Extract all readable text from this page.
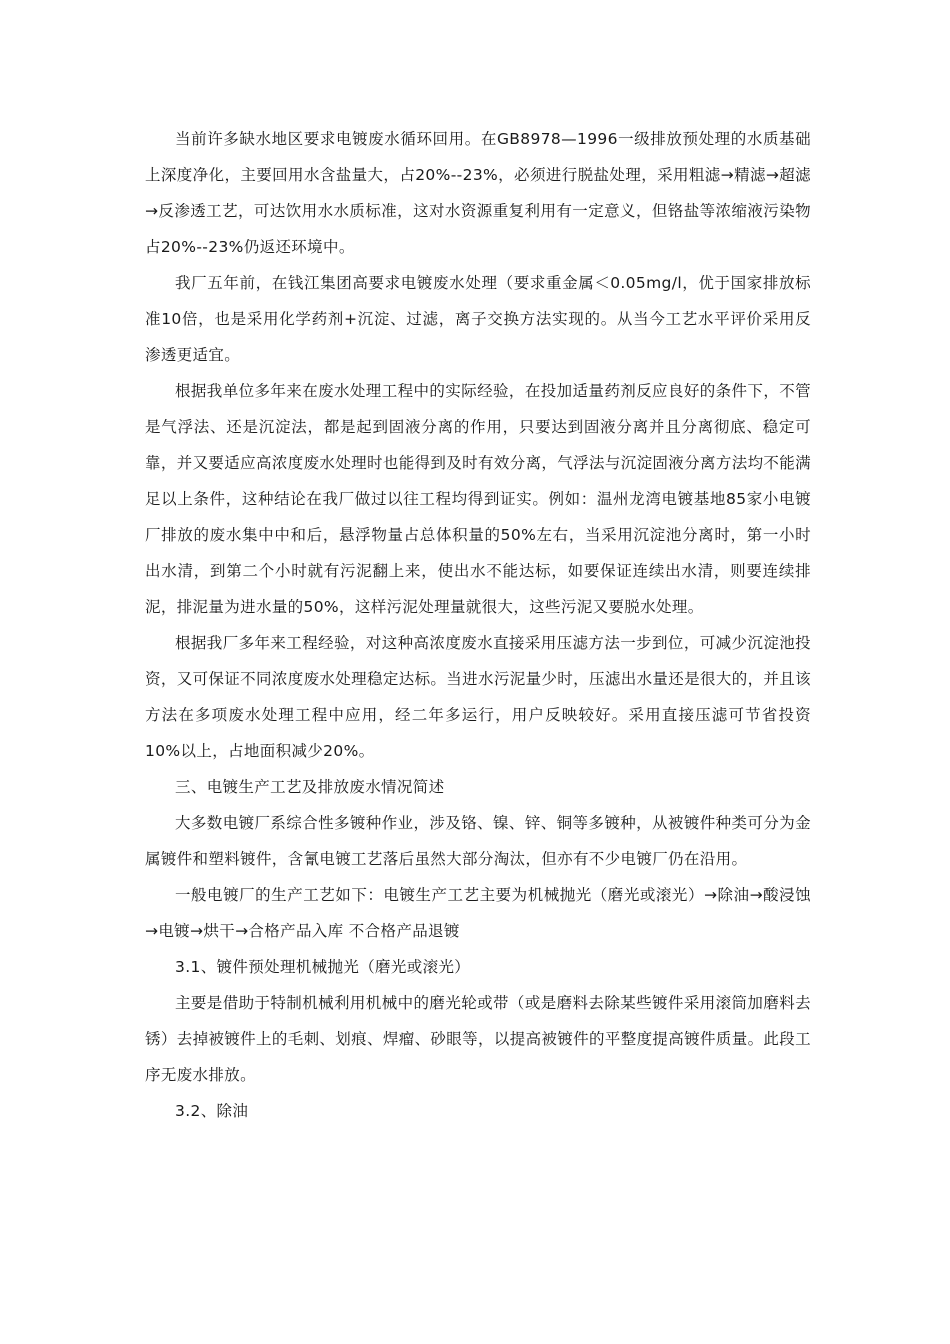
当前许多缺水地区要求电镀废水循环回用。在GB8978—1996一级排放预处理的水质基础上深度净化，主要回用水含盐量大，占20%--23%，必须进行脱盐处理，采用粗滤→精滤→超滤→反渗透工艺，可达饮用水水质标准，这对水资源重复利用有一定意义，但铬盐等浓缩液污染物占20%--23%仍返还环境中。

我厂五年前，在钱江集团高要求电镀废水处理（要求重金属＜0.05mg/l，优于国家排放标准10倍，也是采用化学药剂+沉淀、过滤，离子交换方法实现的。从当今工艺水平评价采用反渗透更适宜。

根据我单位多年来在废水处理工程中的实际经验，在投加适量药剂反应良好的条件下，不管是气浮法、还是沉淀法，都是起到固液分离的作用，只要达到固液分离并且分离彻底、稳定可靠，并又要适应高浓度废水处理时也能得到及时有效分离，气浮法与沉淀固液分离方法均不能满足以上条件，这种结论在我厂做过以往工程均得到证实。例如：温州龙湾电镀基地85家小电镀厂排放的废水集中中和后，悬浮物量占总体积量的50%左右，当采用沉淀池分离时，第一小时出水清，到第二个小时就有污泥翻上来，使出水不能达标，如要保证连续出水清，则要连续排泥，排泥量为进水量的50%，这样污泥处理量就很大，这些污泥又要脱水处理。

根据我厂多年来工程经验，对这种高浓度废水直接采用压滤方法一步到位，可减少沉淀池投资，又可保证不同浓度废水处理稳定达标。当进水污泥量少时，压滤出水量还是很大的，并且该方法在多项废水处理工程中应用，经二年多运行，用户反映较好。采用直接压滤可节省投资10%以上，占地面积减少20%。

三、电镀生产工艺及排放废水情况简述

大多数电镀厂系综合性多镀种作业，涉及铬、镍、锌、铜等多镀种，从被镀件种类可分为金属镀件和塑料镀件，含氰电镀工艺落后虽然大部分淘汰，但亦有不少电镀厂仍在沿用。

一般电镀厂的生产工艺如下：电镀生产工艺主要为机械抛光（磨光或滚光）→除油→酸浸蚀→电镀→烘干→合格产品入库 不合格产品退镀

3.1、镀件预处理机械抛光（磨光或滚光）

主要是借助于特制机械利用机械中的磨光轮或带（或是磨料去除某些镀件采用滚筒加磨料去锈）去掉被镀件上的毛刺、划痕、焊瘤、砂眼等，以提高被镀件的平整度提高镀件质量。此段工序无废水排放。

3.2、除油
